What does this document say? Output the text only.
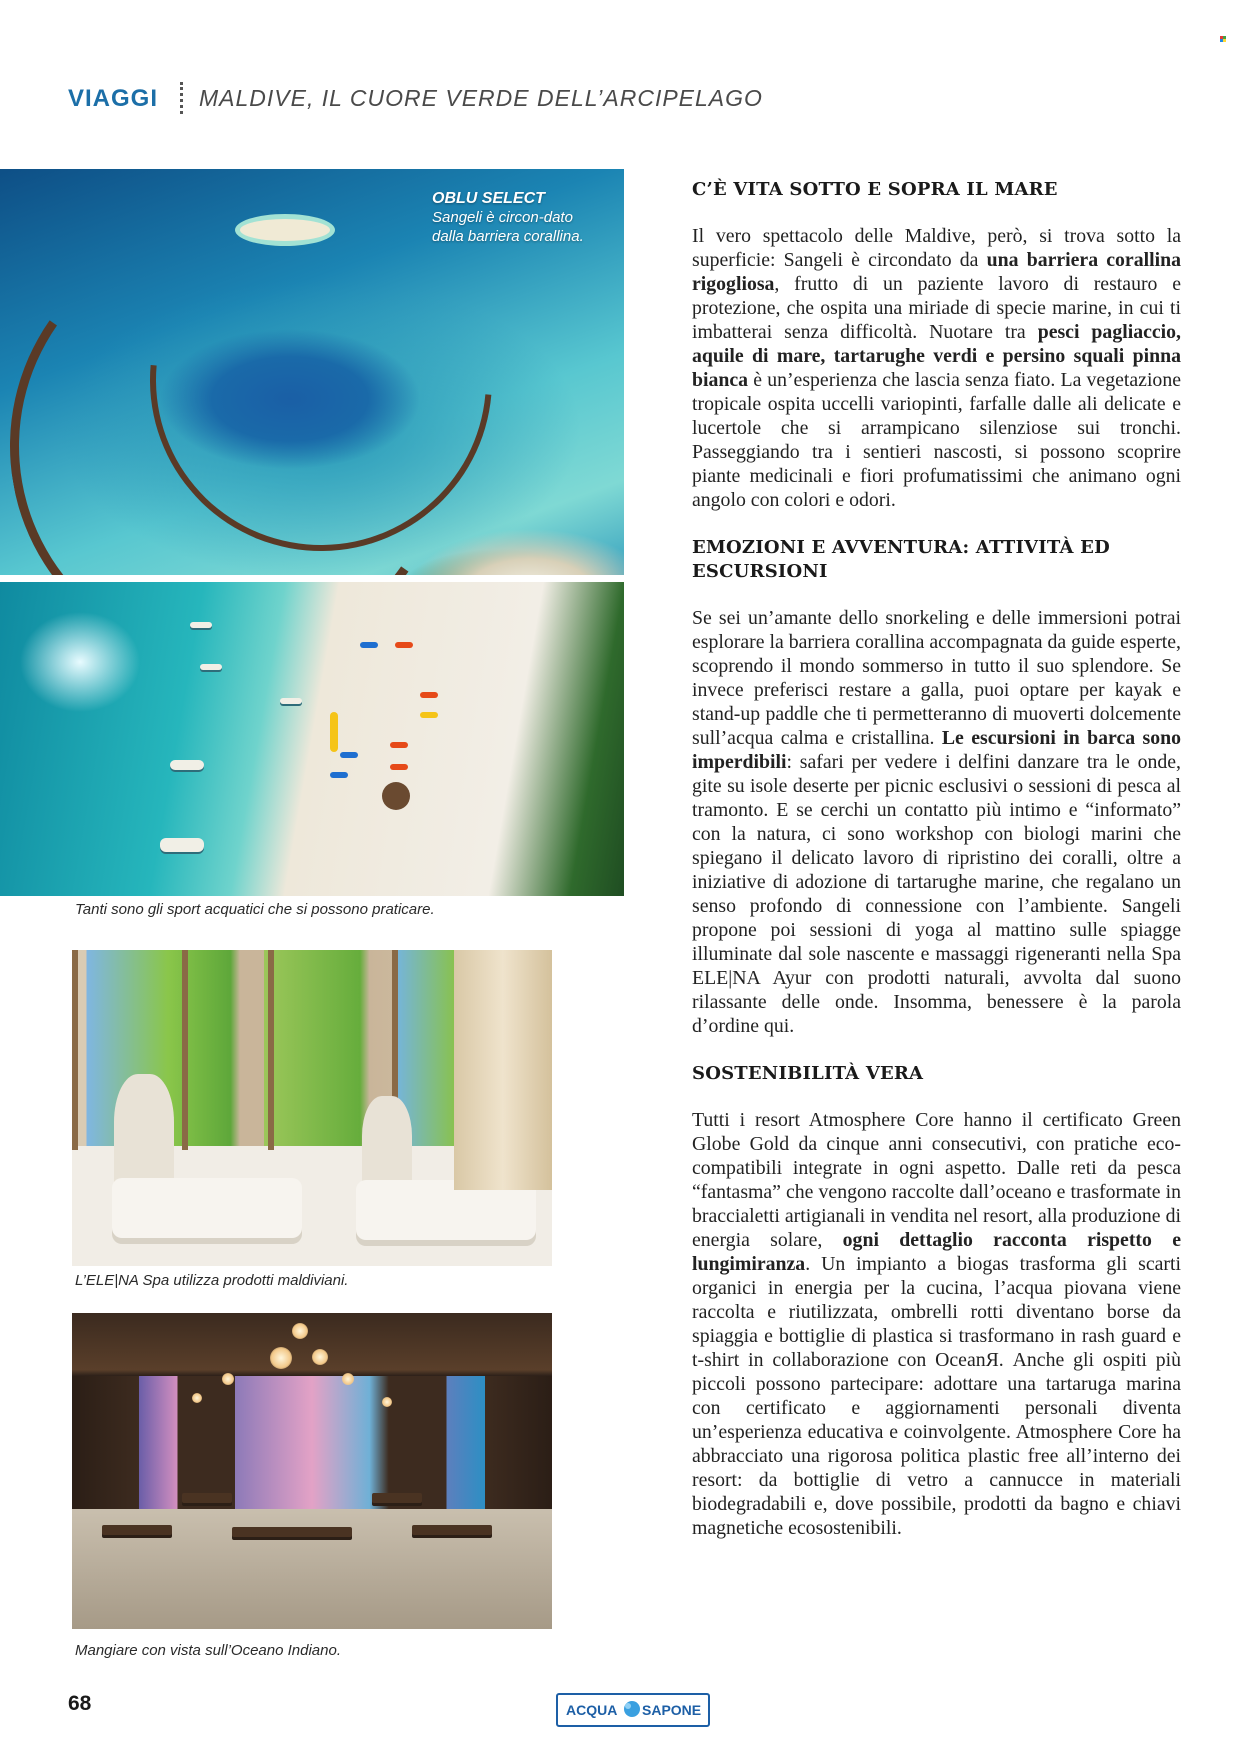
VIAGGI MALDIVE, IL CUORE VERDE DELL’ARCIPELAGO
OBLU SELECT
Sangeli è circon-dato dalla barriera corallina.
Tanti sono gli sport acquatici che si possono praticare.
L’ELE|NA Spa utilizza prodotti maldiviani.
Mangiare con vista sull’Oceano Indiano.
C’È VITA SOTTO E SOPRA IL MARE

Il vero spettacolo delle Maldive, però, si trova sotto la superficie: Sangeli è circondato da una barriera corallina rigogliosa, frutto di un paziente lavoro di restauro e protezione, che ospita una miriade di specie marine, in cui ti imbatterai senza difficoltà. Nuotare tra pesci pagliaccio, aquile di mare, tartarughe verdi e persino squali pinna bianca è un’esperienza che lascia senza fiato. La vegetazione tropicale ospita uccelli variopinti, farfalle dalle ali delicate e lucertole che si arrampicano silenziose sui tronchi. Passeggiando tra i sentieri nascosti, si possono scoprire piante medicinali e fiori profumatissimi che animano ogni angolo con colori e odori.

EMOZIONI E AVVENTURA: ATTIVITÀ ED ESCURSIONI

Se sei un’amante dello snorkeling e delle immersioni potrai esplorare la barriera corallina accompagnata da guide esperte, scoprendo il mondo sommerso in tutto il suo splendore. Se invece preferisci restare a galla, puoi optare per kayak e stand-up paddle che ti permetteranno di muoverti dolcemente sull’acqua calma e cristallina. Le escursioni in barca sono imperdibili: safari per vedere i delfini danzare tra le onde, gite su isole deserte per picnic esclusivi o sessioni di pesca al tramonto. E se cerchi un contatto più intimo e “informato” con la natura, ci sono workshop con biologi marini che spiegano il delicato lavoro di ripristino dei coralli, oltre a iniziative di adozione di tartarughe marine, che regalano un senso profondo di connessione con l’ambiente. Sangeli propone poi sessioni di yoga al mattino sulle spiagge illuminate dal sole nascente e massaggi rigeneranti nella Spa ELE|NA Ayur con prodotti naturali, avvolta dal suono rilassante delle onde. Insomma, benessere è la parola d’ordine qui.

SOSTENIBILITÀ VERA

Tutti i resort Atmosphere Core hanno il certificato Green Globe Gold da cinque anni consecutivi, con pratiche eco-compatibili integrate in ogni aspetto. Dalle reti da pesca “fantasma” che vengono raccolte dall’oceano e trasformate in braccialetti artigianali in vendita nel resort, alla produzione di energia solare, ogni dettaglio racconta rispetto e lungimiranza. Un impianto a biogas trasforma gli scarti organici in energia per la cucina, l’acqua piovana viene raccolta e riutilizzata, ombrelli rotti diventano borse da spiaggia e bottiglie di plastica si trasformano in rash guard e t-shirt in collaborazione con OceanЯ. Anche gli ospiti più piccoli possono partecipare: adottare una tartaruga marina con certificato e aggiornamenti personali diventa un’esperienza educativa e coinvolgente. Atmosphere Core ha abbracciato una rigorosa politica plastic free all’interno dei resort: da bottiglie di vetro a cannucce in materiali biodegradabili e, dove possibile, prodotti da bagno e chiavi magnetiche ecosostenibili.

68	ACQUA SAPONE
